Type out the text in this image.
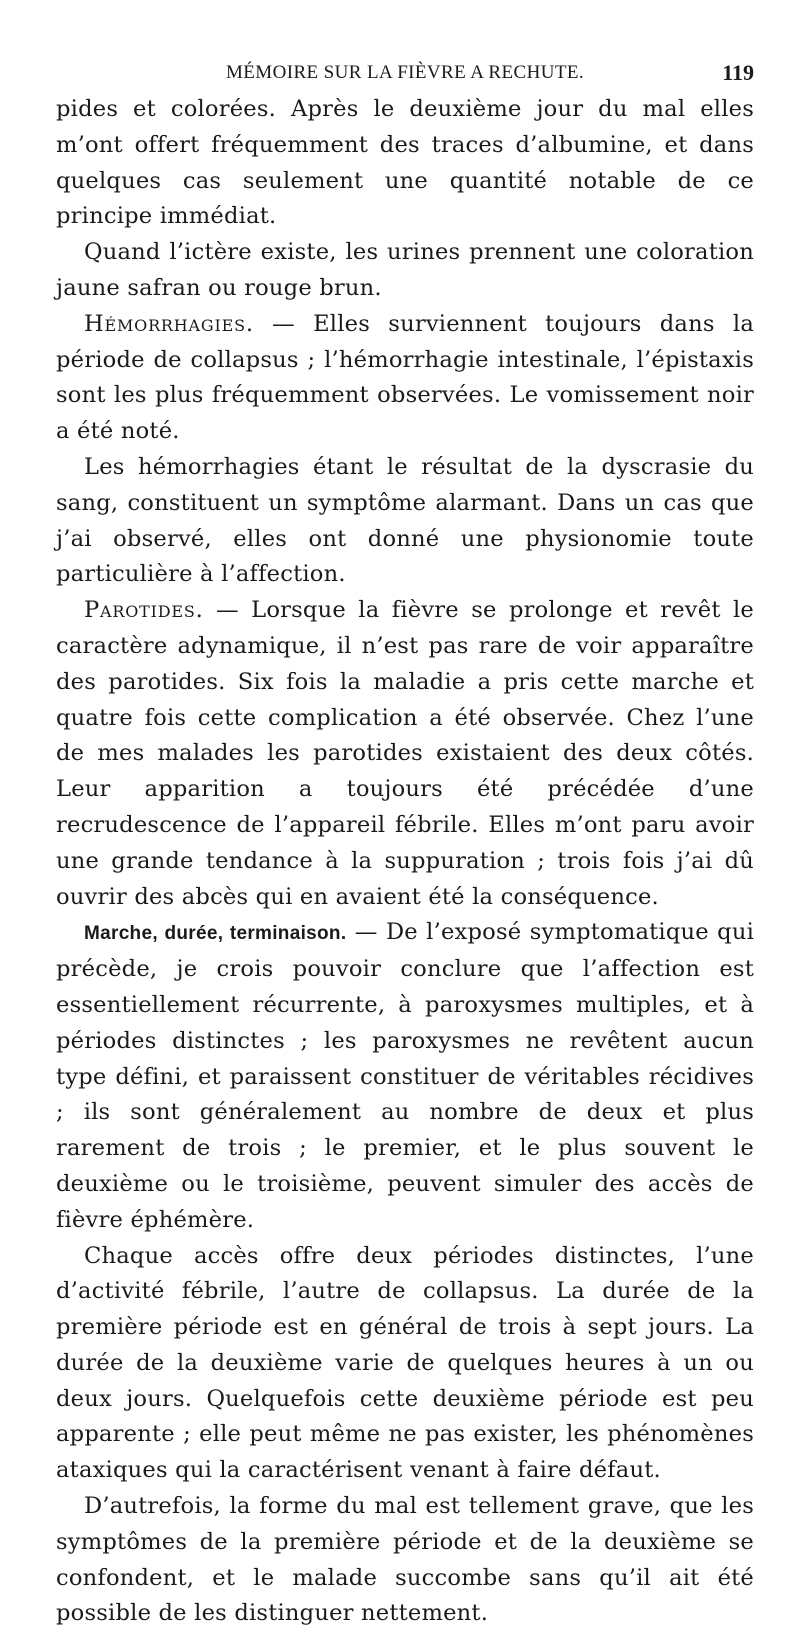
MÉMOIRE SUR LA FIÈVRE A RECHUTE.	119

pides et colorées. Après le deuxième jour du mal elles m’ont offert fréquemment des traces d’albumine, et dans quelques cas seulement une quantité notable de ce principe immédiat.

Quand l’ictère existe, les urines prennent une coloration jaune safran ou rouge brun.

Hémorrhagies. — Elles surviennent toujours dans la période de collapsus ; l’hémorrhagie intestinale, l’épistaxis sont les plus fréquemment observées. Le vomissement noir a été noté.

Les hémorrhagies étant le résultat de la dyscrasie du sang, constituent un symptôme alarmant. Dans un cas que j’ai observé, elles ont donné une physionomie toute particulière à l’affection.

Parotides. — Lorsque la fièvre se prolonge et revêt le caractère adynamique, il n’est pas rare de voir apparaître des parotides. Six fois la maladie a pris cette marche et quatre fois cette complication a été observée. Chez l’une de mes malades les parotides existaient des deux côtés. Leur apparition a toujours été précédée d’une recrudescence de l’appareil fébrile. Elles m’ont paru avoir une grande tendance à la suppuration ; trois fois j’ai dû ouvrir des abcès qui en avaient été la conséquence.

Marche, durée, terminaison. — De l’exposé symptomatique qui précède, je crois pouvoir conclure que l’affection est essentiellement récurrente, à paroxysmes multiples, et à périodes distinctes ; les paroxysmes ne revêtent aucun type défini, et paraissent constituer de véritables récidives ; ils sont généralement au nombre de deux et plus rarement de trois ; le premier, et le plus souvent le deuxième ou le troisième, peuvent simuler des accès de fièvre éphémère.

Chaque accès offre deux périodes distinctes, l’une d’activité fébrile, l’autre de collapsus. La durée de la première période est en général de trois à sept jours. La durée de la deuxième varie de quelques heures à un ou deux jours. Quelquefois cette deuxième période est peu apparente ; elle peut même ne pas exister, les phénomènes ataxiques qui la caractérisent venant à faire défaut.

D’autrefois, la forme du mal est tellement grave, que les symptômes de la première période et de la deuxième se confondent, et le malade succombe sans qu’il ait été possible de les distinguer nettement.
